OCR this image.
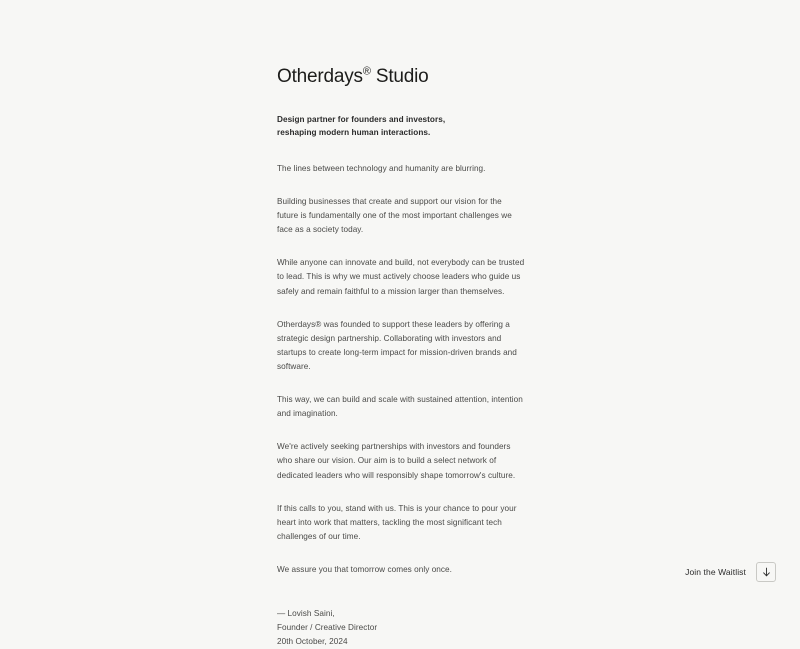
Otherdays® Studio

Design partner for founders and investors,
reshaping modern human interactions.

The lines between technology and humanity are blurring.

Building businesses that create and support our vision for the future is fundamentally one of the most important challenges we face as a society today.

While anyone can innovate and build, not everybody can be trusted to lead. This is why we must actively choose leaders who guide us safely and remain faithful to a mission larger than themselves.

Otherdays® was founded to support these leaders by offering a strategic design partnership. Collaborating with investors and startups to create long-term impact for mission-driven brands and software.

This way, we can build and scale with sustained attention, intention and imagination.

We're actively seeking partnerships with investors and founders who share our vision. Our aim is to build a select network of dedicated leaders who will responsibly shape tomorrow's culture.

If this calls to you, stand with us. This is your chance to pour your heart into work that matters, tackling the most significant tech challenges of our time.

We assure you that tomorrow comes only once.

— Lovish Saini,
Founder / Creative Director
20th October, 2024
Join the Waitlist
